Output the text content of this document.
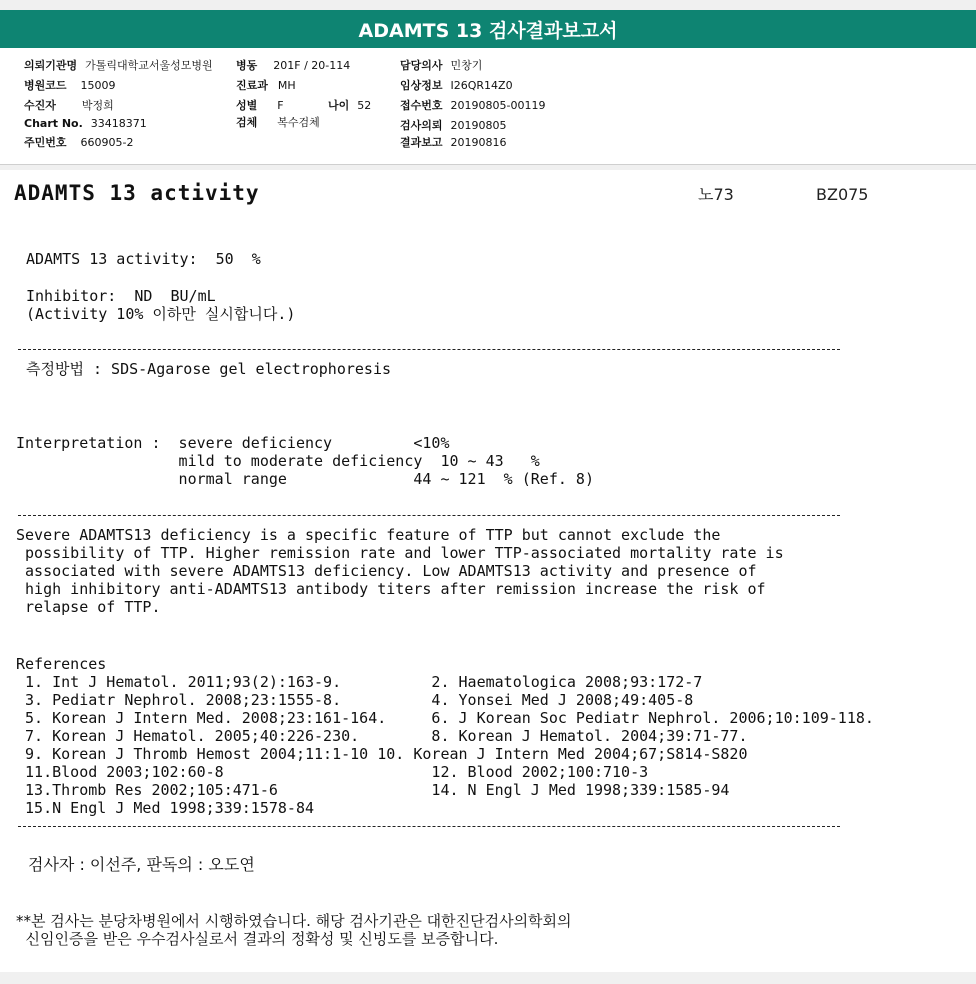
ADAMTS 13 검사결과보고서
의뢰기관명 가톨릭대학교서울성모병원
병원코드 15009
수진자 박정희
Chart No. 33418371
주민번호 660905-2
병동 201F / 20-114
진료과 MH
성별 F	나이 52
검체 복수검체
담당의사 민창기
임상정보 I26QR14Z0
접수번호 20190805-00119
검사의뢰 20190805
결과보고 20190816
ADAMTS 13 activity	노73	BZ075
ADAMTS 13 activity:  50  %
Inhibitor:  ND  BU/mL
(Activity 10% 이하만 실시합니다.)
측정방법 : SDS-Agarose gel electrophoresis
Interpretation :  severe deficiency         <10%
mild to moderate deficiency  10 ~ 43   %
normal range              44 ~ 121  % (Ref. 8)
Severe ADAMTS13 deficiency is a specific feature of TTP but cannot exclude the
possibility of TTP. Higher remission rate and lower TTP-associated mortality rate is
associated with severe ADAMTS13 deficiency. Low ADAMTS13 activity and presence of
high inhibitory anti-ADAMTS13 antibody titers after remission increase the risk of
relapse of TTP.
References
1. Int J Hematol. 2011;93(2):163-9.          2. Haematologica 2008;93:172-7
3. Pediatr Nephrol. 2008;23:1555-8.          4. Yonsei Med J 2008;49:405-8
5. Korean J Intern Med. 2008;23:161-164.     6. J Korean Soc Pediatr Nephrol. 2006;10:109-118.
7. Korean J Hematol. 2005;40:226-230.        8. Korean J Hematol. 2004;39:71-77.
9. Korean J Thromb Hemost 2004;11:1-10 10. Korean J Intern Med 2004;67;S814-S820
11.Blood 2003;102:60-8                       12. Blood 2002;100:710-3
13.Thromb Res 2002;105:471-6                 14. N Engl J Med 1998;339:1585-94
15.N Engl J Med 1998;339:1578-84
검사자 : 이선주, 판독의 : 오도연
**본 검사는 분당차병원에서 시행하였습니다. 해당 검사기관은 대한진단검사의학회의
신임인증을 받은 우수검사실로서 결과의 정확성 및 신빙도를 보증합니다.
